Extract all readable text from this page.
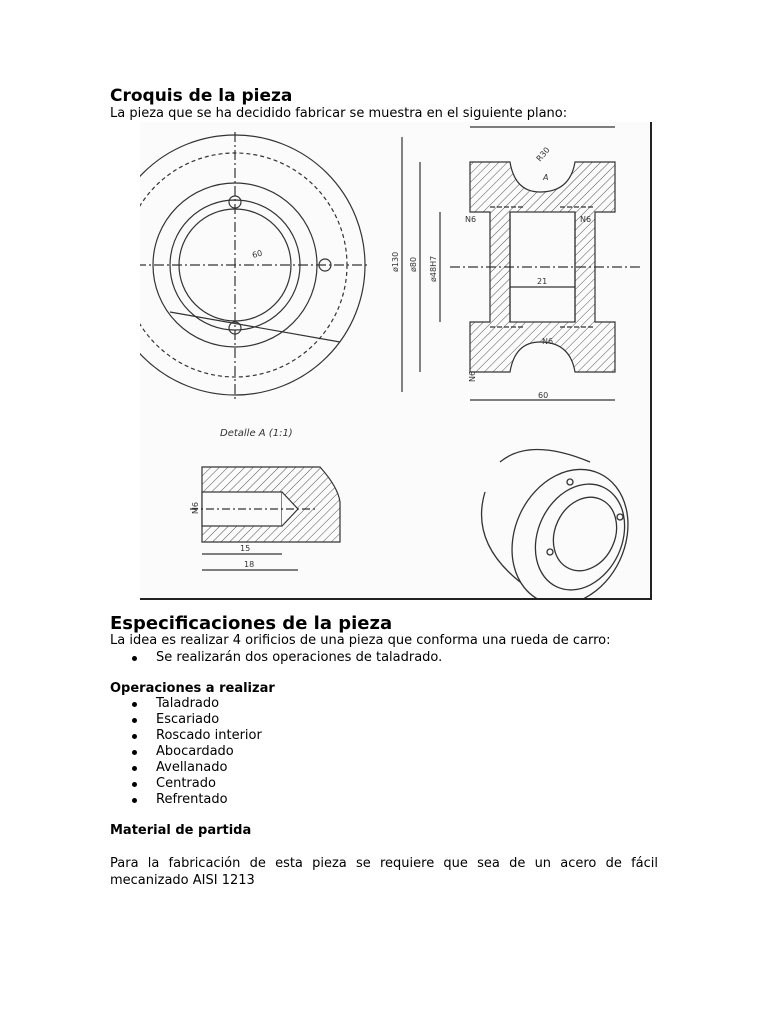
Croquis de la pieza

La pieza que se ha decidido fabricar se muestra en el siguiente plano:

60	ø130 ø80 ø48H7	21
60
R30
A
N6	N6
N6
N6
Detalle A (1:1)
M6
15
18
Especificaciones de la pieza

La idea es realizar 4 orificios de una pieza que conforma una rueda de carro:

Se realizarán dos operaciones de taladrado.
Operaciones a realizar
Taladrado
Escariado
Roscado interior
Abocardado
Avellanado
Centrado
Refrentado
Material de partida

Para la fabricación de esta pieza se requiere que sea de un acero de fácil mecanizado AISI 1213
